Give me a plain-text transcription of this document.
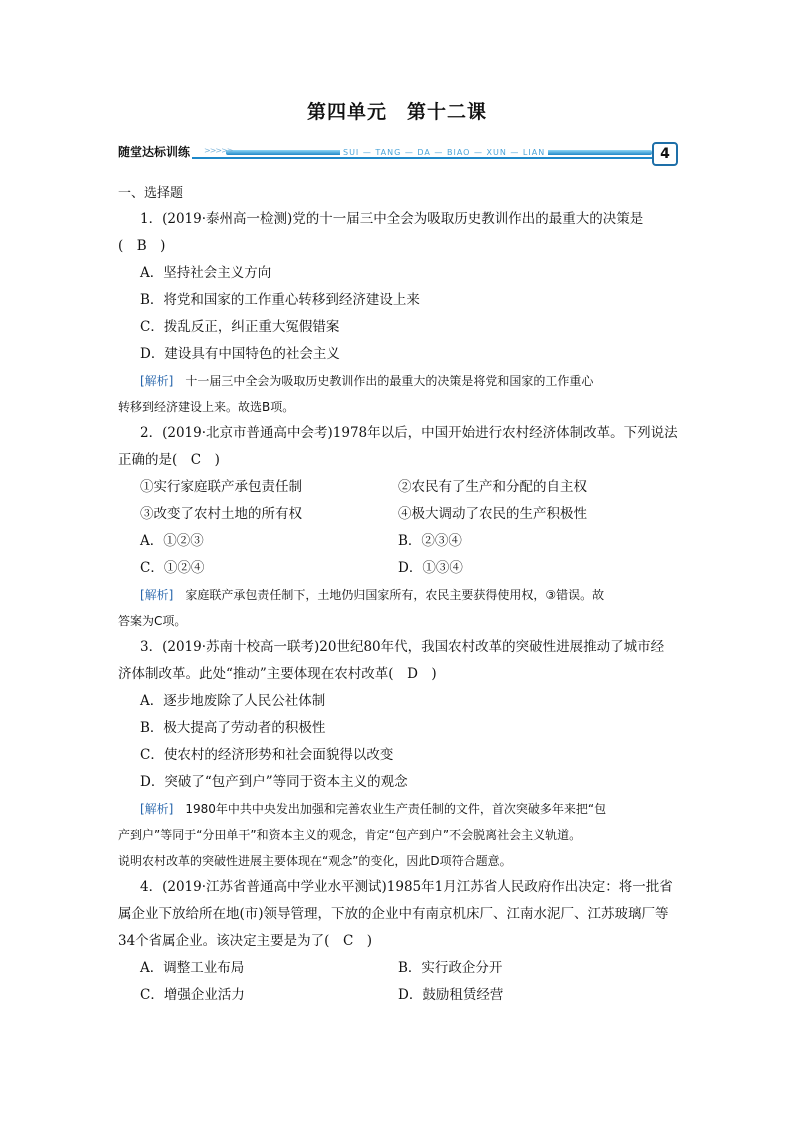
第四单元　第十二课
随堂达标训练 >>>>>	SUI — TANG — DA — BIAO — XUN — LIAN	4
一、选择题
1．(2019·泰州高一检测)党的十一届三中全会为吸取历史教训作出的最重大的决策是
(　B　)
A．坚持社会主义方向
B．将党和国家的工作重心转移到经济建设上来
C．拨乱反正，纠正重大冤假错案
D．建设具有中国特色的社会主义
[解析]　十一届三中全会为吸取历史教训作出的最重大的决策是将党和国家的工作重心
转移到经济建设上来。故选B项。
2．(2019·北京市普通高中会考)1978年以后，中国开始进行农村经济体制改革。下列说法
正确的是(　C　)
①实行家庭联产承包责任制	②农民有了生产和分配的自主权
③改变了农村土地的所有权	④极大调动了农民的生产积极性
A．①②③	B．②③④
C．①②④	D．①③④
[解析]　家庭联产承包责任制下，土地仍归国家所有，农民主要获得使用权，③错误。故
答案为C项。
3．(2019·苏南十校高一联考)20世纪80年代，我国农村改革的突破性进展推动了城市经
济体制改革。此处“推动”主要体现在农村改革(　D　)
A．逐步地废除了人民公社体制
B．极大提高了劳动者的积极性
C．使农村的经济形势和社会面貌得以改变
D．突破了“包产到户”等同于资本主义的观念
[解析]　1980年中共中央发出加强和完善农业生产责任制的文件，首次突破多年来把“包
产到户”等同于“分田单干”和资本主义的观念，肯定“包产到户”不会脱离社会主义轨道。
说明农村改革的突破性进展主要体现在“观念”的变化，因此D项符合题意。
4．(2019·江苏省普通高中学业水平测试)1985年1月江苏省人民政府作出决定：将一批省
属企业下放给所在地(市)领导管理，下放的企业中有南京机床厂、江南水泥厂、江苏玻璃厂等
34个省属企业。该决定主要是为了(　C　)
A．调整工业布局	B．实行政企分开
C．增强企业活力	D．鼓励租赁经营
